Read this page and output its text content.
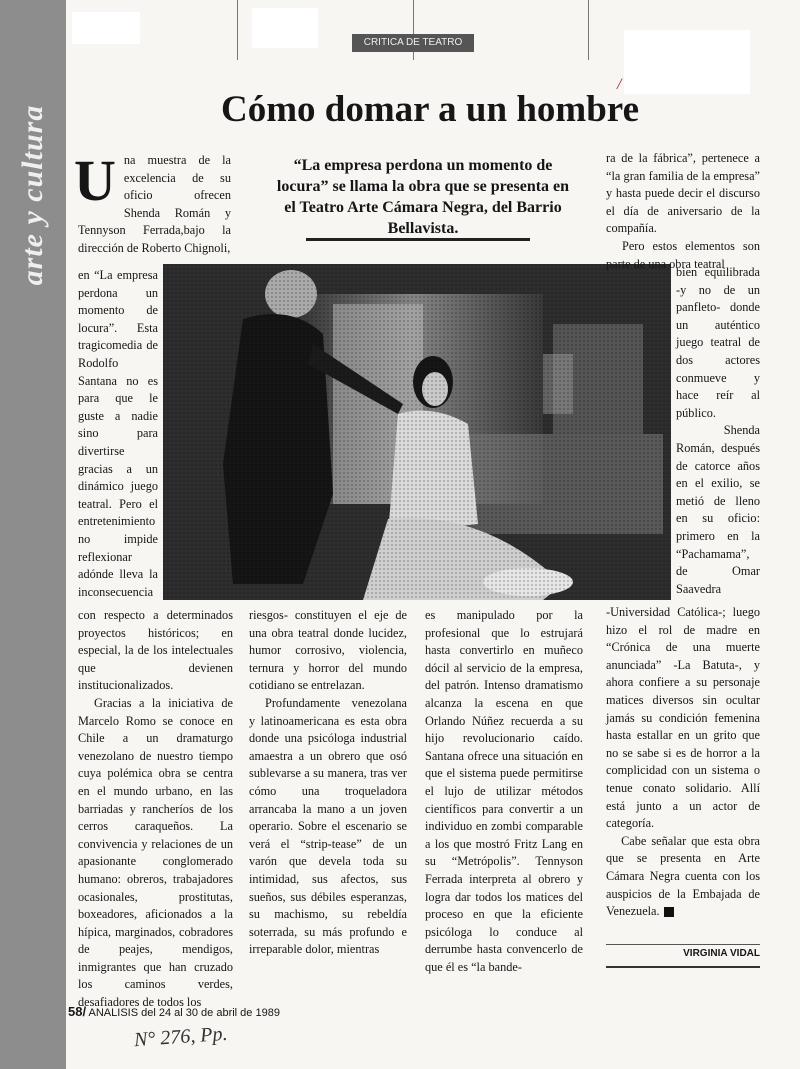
arte y cultura
CRITICA DE TEATRO
/
Cómo domar a un hombre
“La empresa perdona un momento de locura” se llama la obra que se presenta en el Teatro Arte Cámara Negra, del Barrio Bellavista.
Una muestra de la excelencia de su oficio ofrecen Shenda Román y Tennyson Ferrada,bajo la dirección de Roberto Chignoli,
en “La empresa perdona un momento de locura”. Esta tragicomedia de Rodolfo Santana no es para que le guste a nadie sino para divertirse gracias a un dinámico juego teatral. Pero el entretenimiento no impide reflexionar adónde lleva la inconsecuencia

con respecto a determinados proyectos históricos; en especial, la de los intelectuales que devienen institucionalizados.

Gracias a la iniciativa de Marcelo Romo se conoce en Chile a un dramaturgo venezolano de nuestro tiempo cuya polémica obra se centra en el mundo urbano, en las barriadas y rancheríos de los cerros caraqueños. La convivencia y relaciones de un apasionante conglomerado humano: obreros, trabajadores ocasionales, prostitutas, boxeadores, aficionados a la hípica, marginados, cobradores de peajes, mendigos, inmigrantes que han cruzado los caminos verdes, desafiadores de todos los

riesgos- constituyen el eje de una obra teatral donde lucidez, humor corrosivo, violencia, ternura y horror del mundo cotidiano se entrelazan.

Profundamente venezolana y latinoamericana es esta obra donde una psicóloga industrial amaestra a un obrero que osó sublevarse a su manera, tras ver cómo una troqueladora arrancaba la mano a un joven operario. Sobre el escenario se verá el “strip-tease” de un varón que devela toda su intimidad, sus afectos, sus sueños, sus débiles esperanzas, su machismo, su rebeldía soterrada, su más profundo e irreparable dolor, mientras

es manipulado por la profesional que lo estrujará hasta convertirlo en muñeco dócil al servicio de la empresa, del patrón. Intenso dramatismo alcanza la escena en que Orlando Núñez recuerda a su hijo revolucionario caído. Santana ofrece una situación en que el sistema puede permitirse el lujo de utilizar métodos científicos para convertir a un individuo en zombi comparable a los que mostró Fritz Lang en su “Metrópolis”. Tennyson Ferrada interpreta al obrero y logra dar todos los matices del proceso en que la eficiente psicóloga lo conduce al derrumbe hasta convencerlo de que él es “la bande-

ra de la fábrica”, pertenece a “la gran familia de la empresa” y hasta puede decir el discurso el día de aniversario de la compañía.

Pero estos elementos son parte de una obra teatral

bien equilibrada -y no de un panfleto- donde un auténtico juego teatral de dos actores conmueve y hace reír al público.
Shenda Román, después de catorce años en el exilio, se metió de lleno en su oficio: primero en la “Pachamama”, de Omar Saavedra
-Universidad Católica-; luego hizo el rol de madre en “Crónica de una muerte anunciada” -La Batuta-, y ahora confiere a su personaje matices diversos sin ocultar jamás su condición femenina hasta estallar en un grito que no se sabe si es de horror a la complicidad con un sistema o tenue conato solidario. Allí está junto a un actor de categoría.
Cabe señalar que esta obra que se presenta en Arte Cámara Negra cuenta con los auspicios de la Embajada de Venezuela.
VIRGINIA VIDAL
58/ ANALISIS del 24 al 30 de abril de 1989
N° 276, Pp.
